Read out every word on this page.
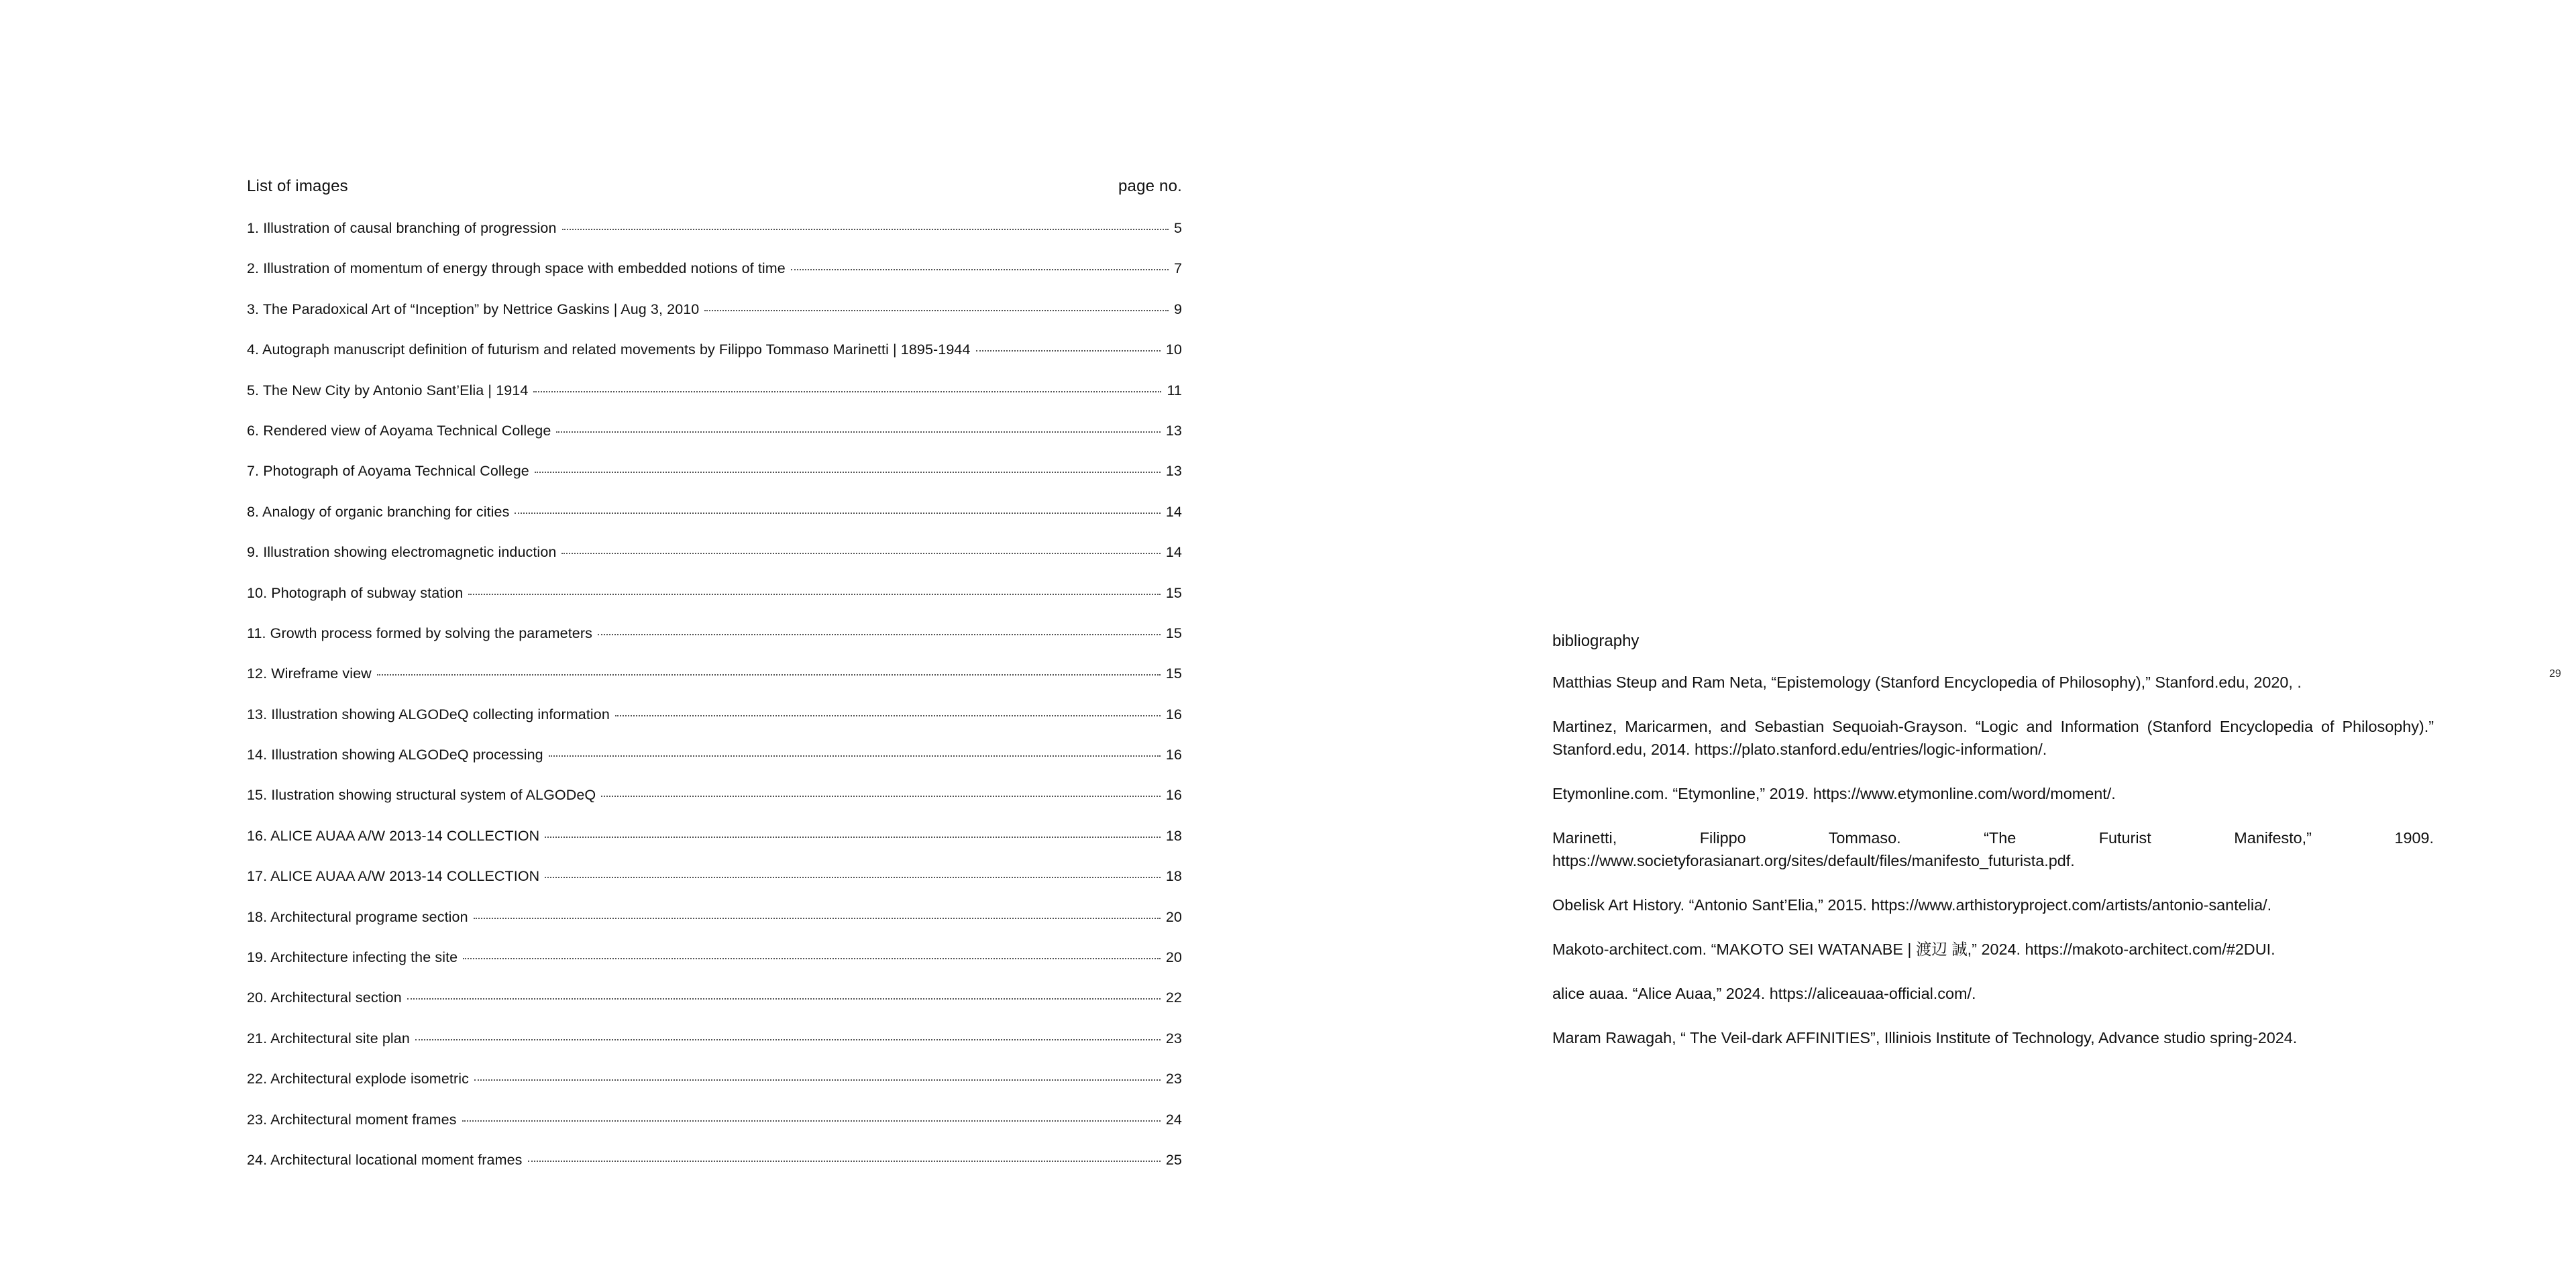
List of images	page no.
1. Illustration of causal branching of progression	5
2. Illustration of momentum of energy through space with embedded notions of time	7
3. The Paradoxical Art of “Inception” by Nettrice Gaskins | Aug 3, 2010	9
4. Autograph manuscript definition of futurism and related movements by Filippo Tommaso Marinetti | 1895-1944	10
5. The New City by Antonio Sant’Elia | 1914	11
6. Rendered view of Aoyama Technical College	13
7. Photograph of Aoyama Technical College	13
8. Analogy of organic branching for cities	14
9. Illustration showing electromagnetic induction	14
10. Photograph of subway station	15
11. Growth process formed by solving the parameters	15
12. Wireframe view	15
13. Illustration showing ALGODeQ collecting information	16
14. Illustration showing ALGODeQ processing	16
15. Ilustration showing structural system of ALGODeQ	16
16. ALICE AUAA A/W 2013-14 COLLECTION	18
17. ALICE AUAA A/W 2013-14 COLLECTION	18
18. Architectural programe section	20
19. Architecture infecting the site	20
20. Architectural section	22
21. Architectural site plan	23
22. Architectural explode isometric	23
23. Architectural moment frames	24
24. Architectural locational moment frames	25
bibliography
Matthias Steup and Ram Neta, “Epistemology (Stanford Encyclopedia of Philosophy),” Stanford.edu, 2020, .
Martinez, Maricarmen, and Sebastian Sequoiah-Grayson. “Logic and Information (Stanford Encyclopedia of Philosophy).” Stanford.edu, 2014. https://plato.stanford.edu/entries/logic-information/.
Etymonline.com. “Etymonline,” 2019. https://www.etymonline.com/word/moment/.
Marinetti, Filippo Tommaso. “The Futurist Manifesto,” 1909. https://www.societyforasianart.org/sites/default/files/manifesto_futurista.pdf.
Obelisk Art History. “Antonio Sant’Elia,” 2015. https://www.arthistoryproject.com/artists/antonio-santelia/.
Makoto-architect.com. “MAKOTO SEI WATANABE | 渡辺 誠,” 2024. https://makoto-architect.com/#2DUI.
alice auaa. “Alice Auaa,” 2024. https://aliceauaa-official.com/.
Maram Rawagah, “ The Veil-dark AFFINITIES”, Illiniois Institute of Technology, Advance studio spring-2024.
29
